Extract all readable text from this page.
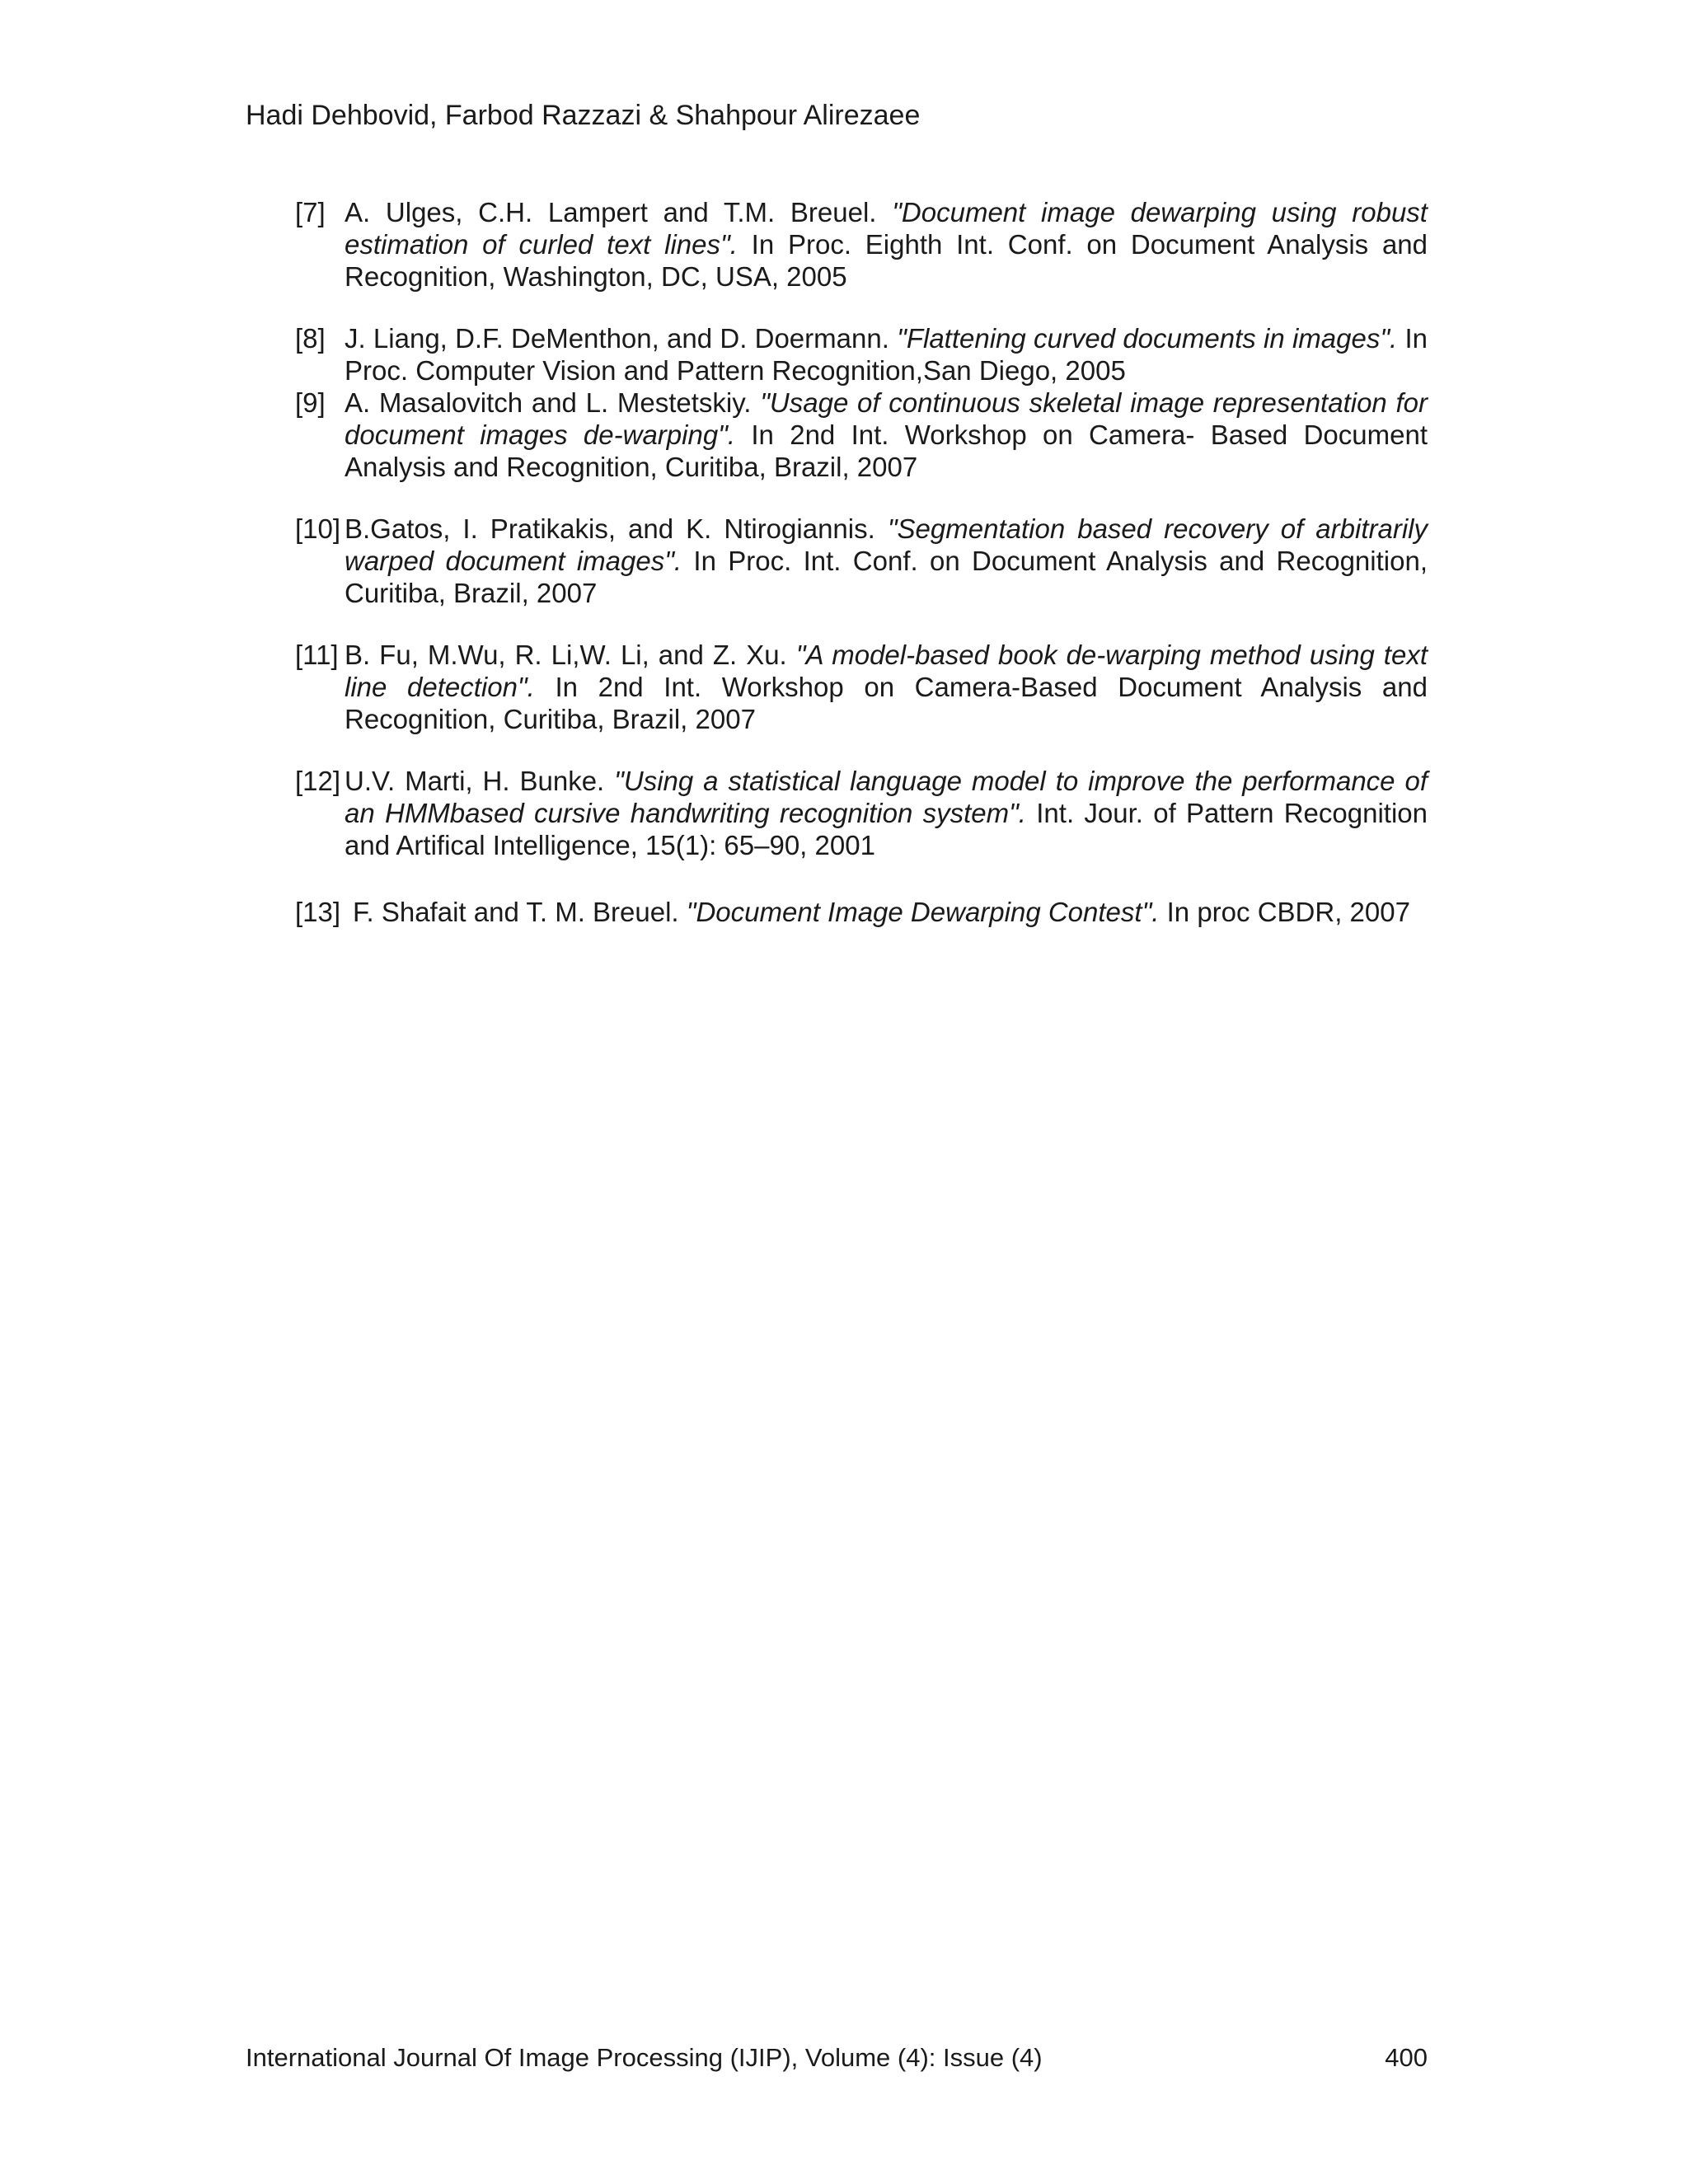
Hadi Dehbovid, Farbod Razzazi & Shahpour Alirezaee
[7] A. Ulges, C.H. Lampert and T.M. Breuel. "Document image dewarping using robust estimation of curled text lines". In Proc. Eighth Int. Conf. on Document Analysis and Recognition, Washington, DC, USA, 2005
[8] J. Liang, D.F. DeMenthon, and D. Doermann. "Flattening curved documents in images". In Proc. Computer Vision and Pattern Recognition,San Diego, 2005
[9] A. Masalovitch and L. Mestetskiy. "Usage of continuous skeletal image representation for document images de-warping". In 2nd Int. Workshop on Camera- Based Document Analysis and Recognition, Curitiba, Brazil, 2007
[10] B.Gatos, I. Pratikakis, and K. Ntirogiannis. "Segmentation based recovery of arbitrarily warped document images". In Proc. Int. Conf. on Document Analysis and Recognition, Curitiba, Brazil, 2007
[11] B. Fu, M.Wu, R. Li,W. Li, and Z. Xu. "A model-based book de-warping method using text line detection". In 2nd Int. Workshop on Camera-Based Document Analysis and Recognition, Curitiba, Brazil, 2007
[12] U.V. Marti, H. Bunke. "Using a statistical language model to improve the performance of an HMMbased cursive handwriting recognition system". Int. Jour. of Pattern Recognition and Artifical Intelligence, 15(1): 65–90, 2001
[13] F. Shafait and T. M. Breuel. "Document Image Dewarping Contest". In proc CBDR, 2007
International Journal Of Image Processing (IJIP), Volume (4): Issue (4)	400
